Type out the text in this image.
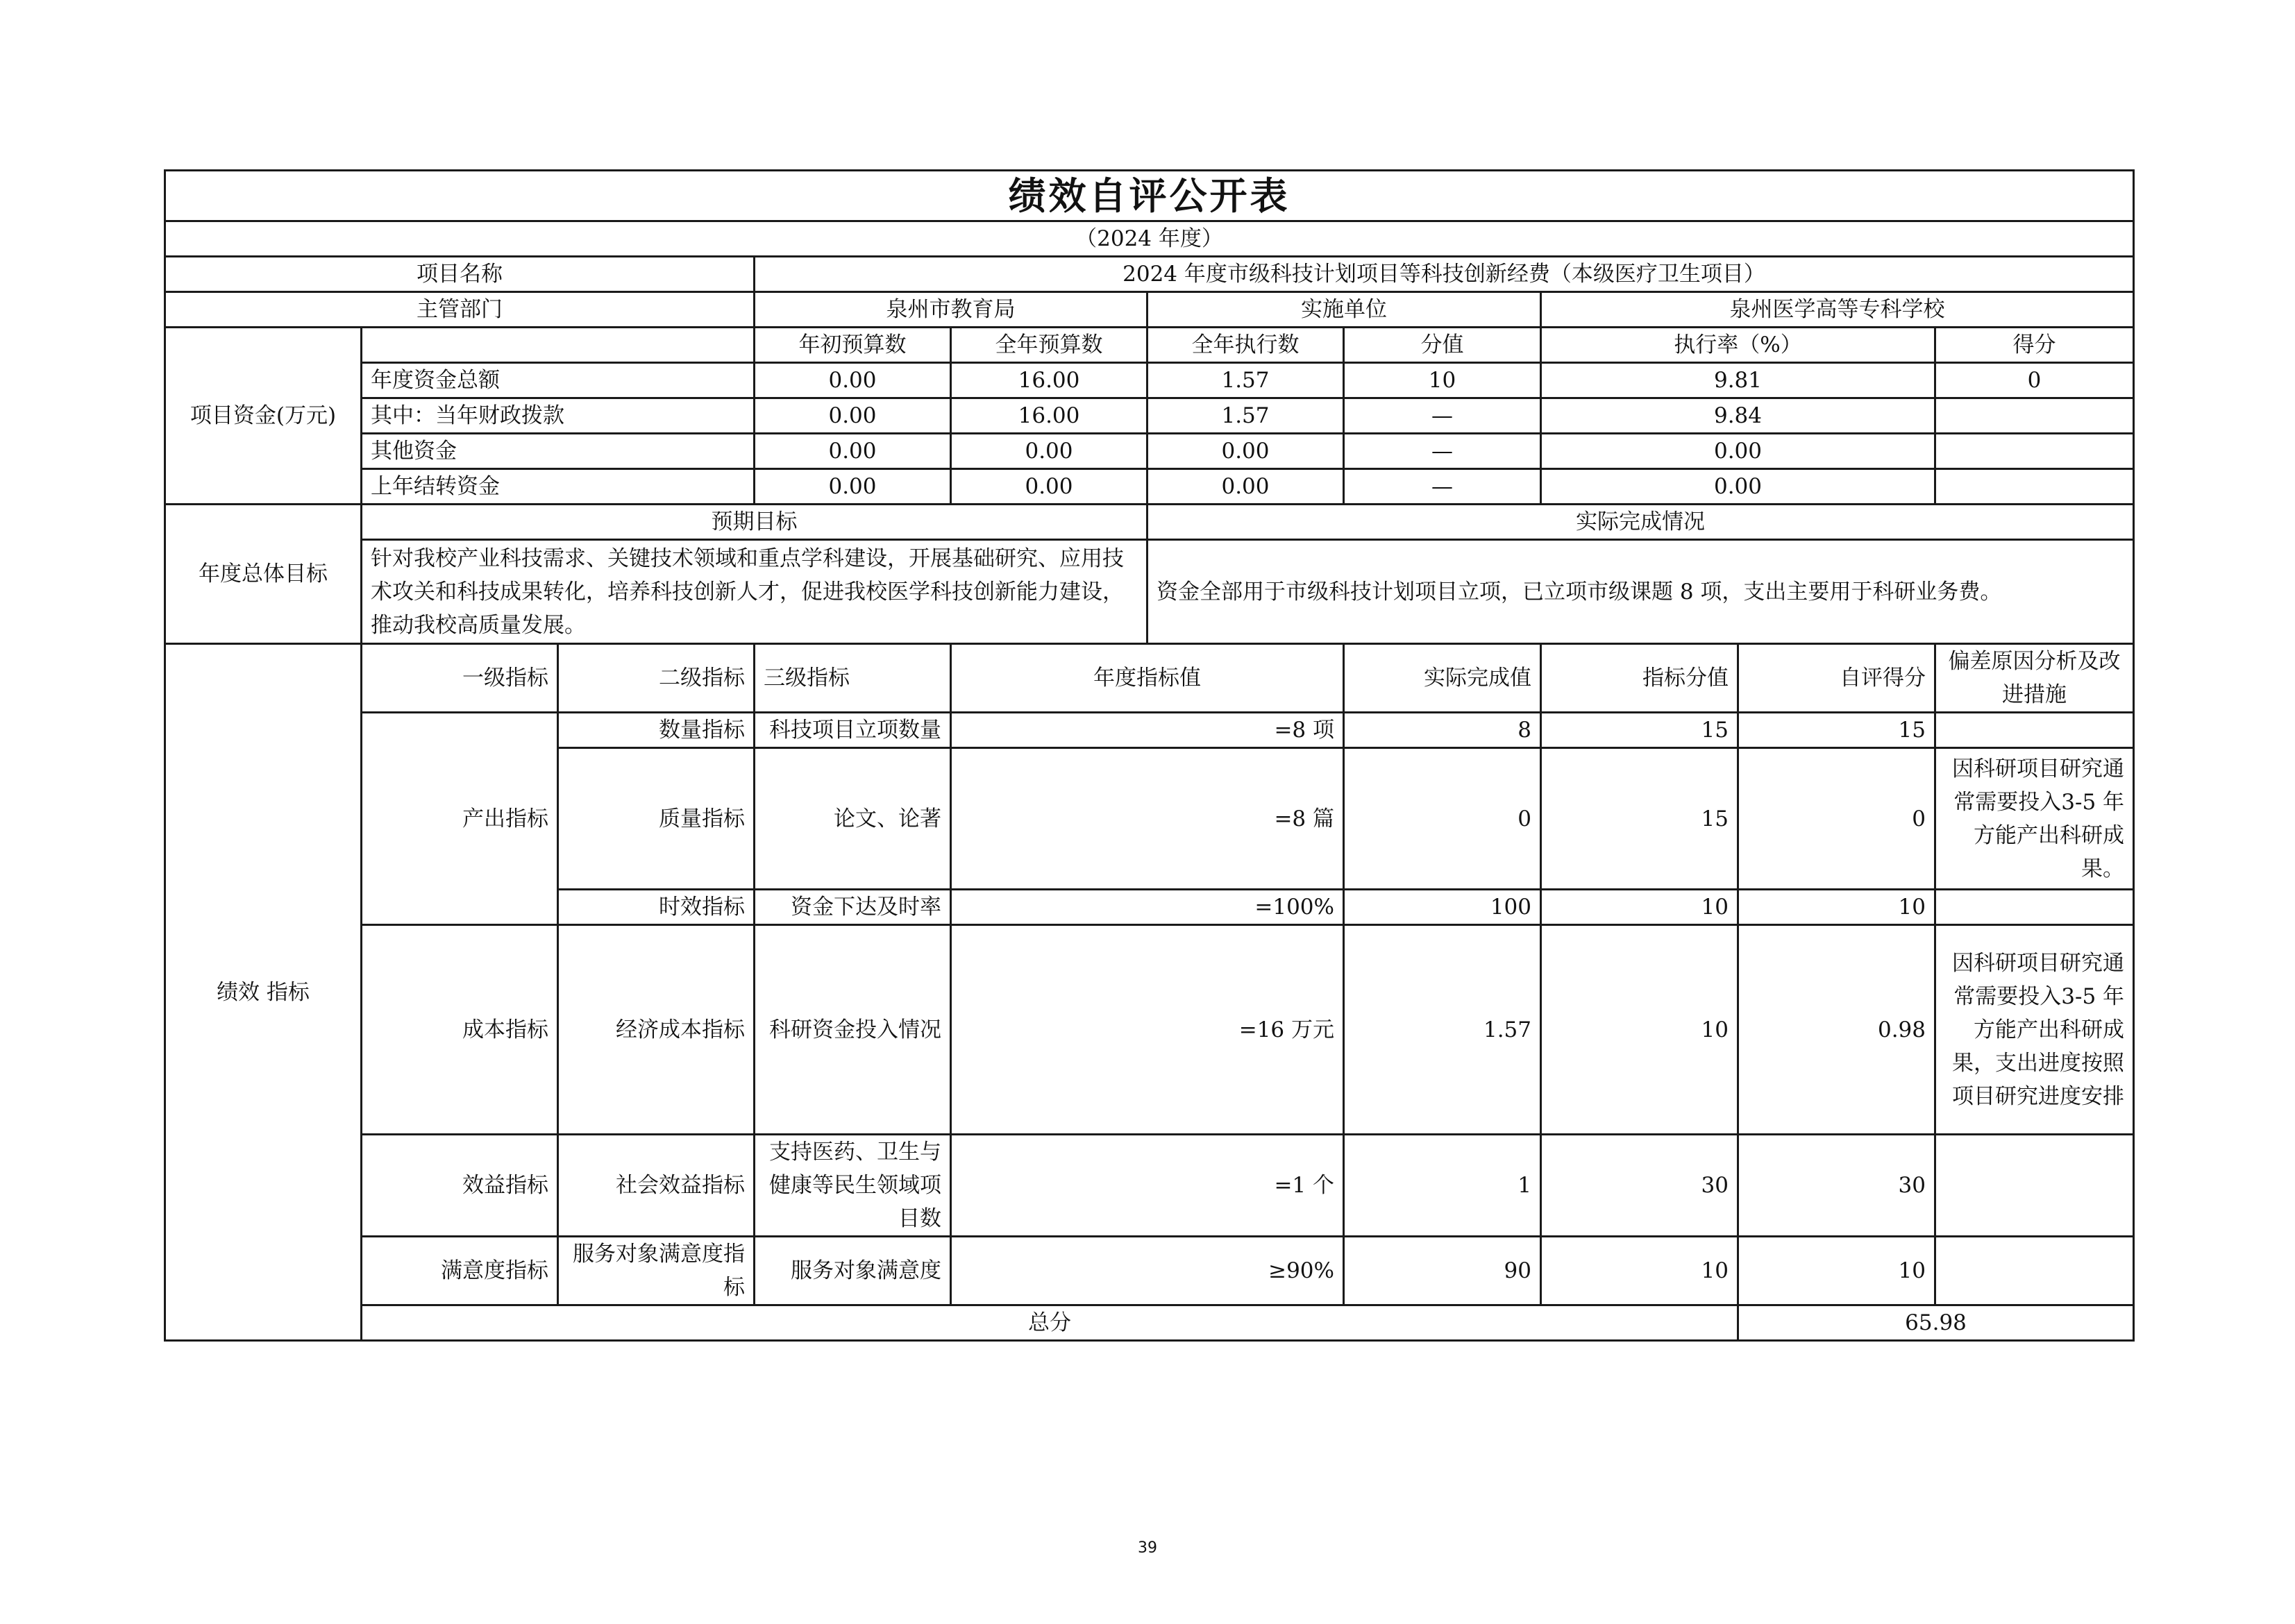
绩效自评公开表									
（2024 年度）									
项目名称			2024 年度市级科技计划项目等科技创新经费（本级医疗卫生项目）						
主管部门			泉州市教育局		实施单位		泉州医学高等专科学校		
项目资金(万元)			年初预算数	全年预算数	全年执行数	分值	执行率（%）		得分
	年度资金总额		0.00	16.00	1.57	10	9.81		0
	其中：当年财政拨款		0.00	16.00	1.57	—	9.84		
	其他资金		0.00	0.00	0.00	—	0.00		
	上年结转资金		0.00	0.00	0.00	—	0.00		
年度总体目标	预期目标				实际完成情况				
	针对我校产业科技需求、关键技术领域和重点学科建设，开展基础研究、应用技术攻关和科技成果转化，培养科技创新人才，促进我校医学科技创新能力建设，推动我校高质量发展。				资金全部用于市级科技计划项目立项，已立项市级课题 8 项，支出主要用于科研业务费。				
绩效 指标	一级指标	二级指标	三级指标	年度指标值		实际完成值	指标分值	自评得分	偏差原因分析及改进措施
	产出指标	数量指标	科技项目立项数量	=8 项		8	15	15	
		质量指标	论文、论著	=8 篇		0	15	0	因科研项目研究通常需要投入3-5 年方能产出科研成果。
		时效指标	资金下达及时率	=100%		100	10	10	
	成本指标	经济成本指标	科研资金投入情况	=16 万元		1.57	10	0.98	因科研项目研究通常需要投入3-5 年方能产出科研成果，支出进度按照项目研究进度安排
	效益指标	社会效益指标	支持医药、卫生与健康等民生领域项目数	=1 个		1	30	30	
	满意度指标	服务对象满意度指标	服务对象满意度	≥90%		90	10	10	
	总分							65.98	
39
